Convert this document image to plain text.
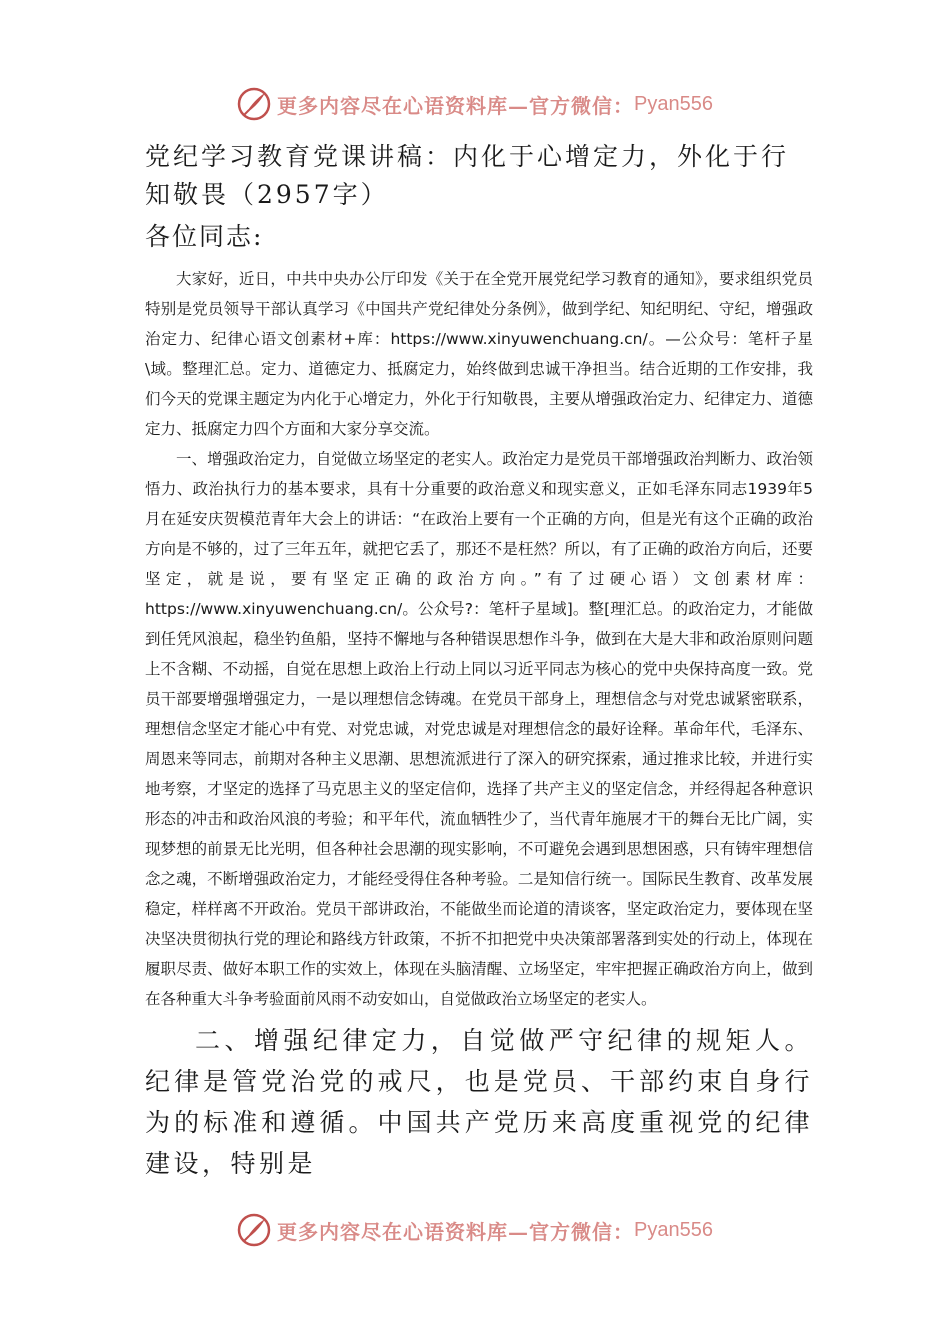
更多内容尽在心语资料库—官方微信： Pyan556
党纪学习教育党课讲稿：内化于心增定力，外化于行知敬畏（2957字）
各位同志:

大家好，近日，中共中央办公厅印发《关于在全党开展党纪学习教育的通知》，要求组织党员特别是党员领导干部认真学习《中国共产党纪律处分条例》，做到学纪、知纪明纪、守纪，增强政治定力、纪律心语文创素材+库：https://www.xinyuwenchuang.cn/。—公众号：笔杆子星\域。整理汇总。定力、道德定力、抵腐定力，始终做到忠诚干净担当。结合近期的工作安排，我们今天的党课主题定为内化于心增定力，外化于行知敬畏，主要从增强政治定力、纪律定力、道德定力、抵腐定力四个方面和大家分享交流。

一、增强政治定力，自觉做立场坚定的老实人。政治定力是党员干部增强政治判断力、政治领悟力、政治执行力的基本要求，具有十分重要的政治意义和现实意义，正如毛泽东同志1939年5月在延安庆贺模范青年大会上的讲话：“在政治上要有一个正确的方向，但是光有这个正确的政治方向是不够的，过了三年五年，就把它丢了，那还不是枉然？所以，有了正确的政治方向后，还要坚定，就是说，要有坚定正确的政治方向。”有了过硬心语）文创素材库：https://www.xinyuwenchuang.cn/。公众号?：笔杆子星域]。整[理汇总。的政治定力，才能做到任凭风浪起，稳坐钓鱼船，坚持不懈地与各种错误思想作斗争，做到在大是大非和政治原则问题上不含糊、不动摇，自觉在思想上政治上行动上同以习近平同志为核心的党中央保持高度一致。党员干部要增强增强定力，一是以理想信念铸魂。在党员干部身上，理想信念与对党忠诚紧密联系，理想信念坚定才能心中有党、对党忠诚，对党忠诚是对理想信念的最好诠释。革命年代，毛泽东、周恩来等同志，前期对各种主义思潮、思想流派进行了深入的研究探索，通过推求比较，并进行实地考察，才坚定的选择了马克思主义的坚定信仰，选择了共产主义的坚定信念，并经得起各种意识形态的冲击和政治风浪的考验；和平年代，流血牺牲少了，当代青年施展才干的舞台无比广阔，实现梦想的前景无比光明，但各种社会思潮的现实影响，不可避免会遇到思想困惑，只有铸牢理想信念之魂，不断增强政治定力，才能经受得住各种考验。二是知信行统一。国际民生教育、改革发展稳定，样样离不开政治。党员干部讲政治，不能做坐而论道的清谈客，坚定政治定力，要体现在坚决坚决贯彻执行党的理论和路线方针政策，不折不扣把党中央决策部署落到实处的行动上，体现在履职尽责、做好本职工作的实效上，体现在头脑清醒、立场坚定，牢牢把握正确政治方向上，做到在各种重大斗争考验面前风雨不动安如山，自觉做政治立场坚定的老实人。

二、增强纪律定力，自觉做严守纪律的规矩人。纪律是管党治党的戒尺，也是党员、干部约束自身行为的标准和遵循。中国共产党历来高度重视党的纪律建设，特别是

更多内容尽在心语资料库—官方微信： Pyan556
